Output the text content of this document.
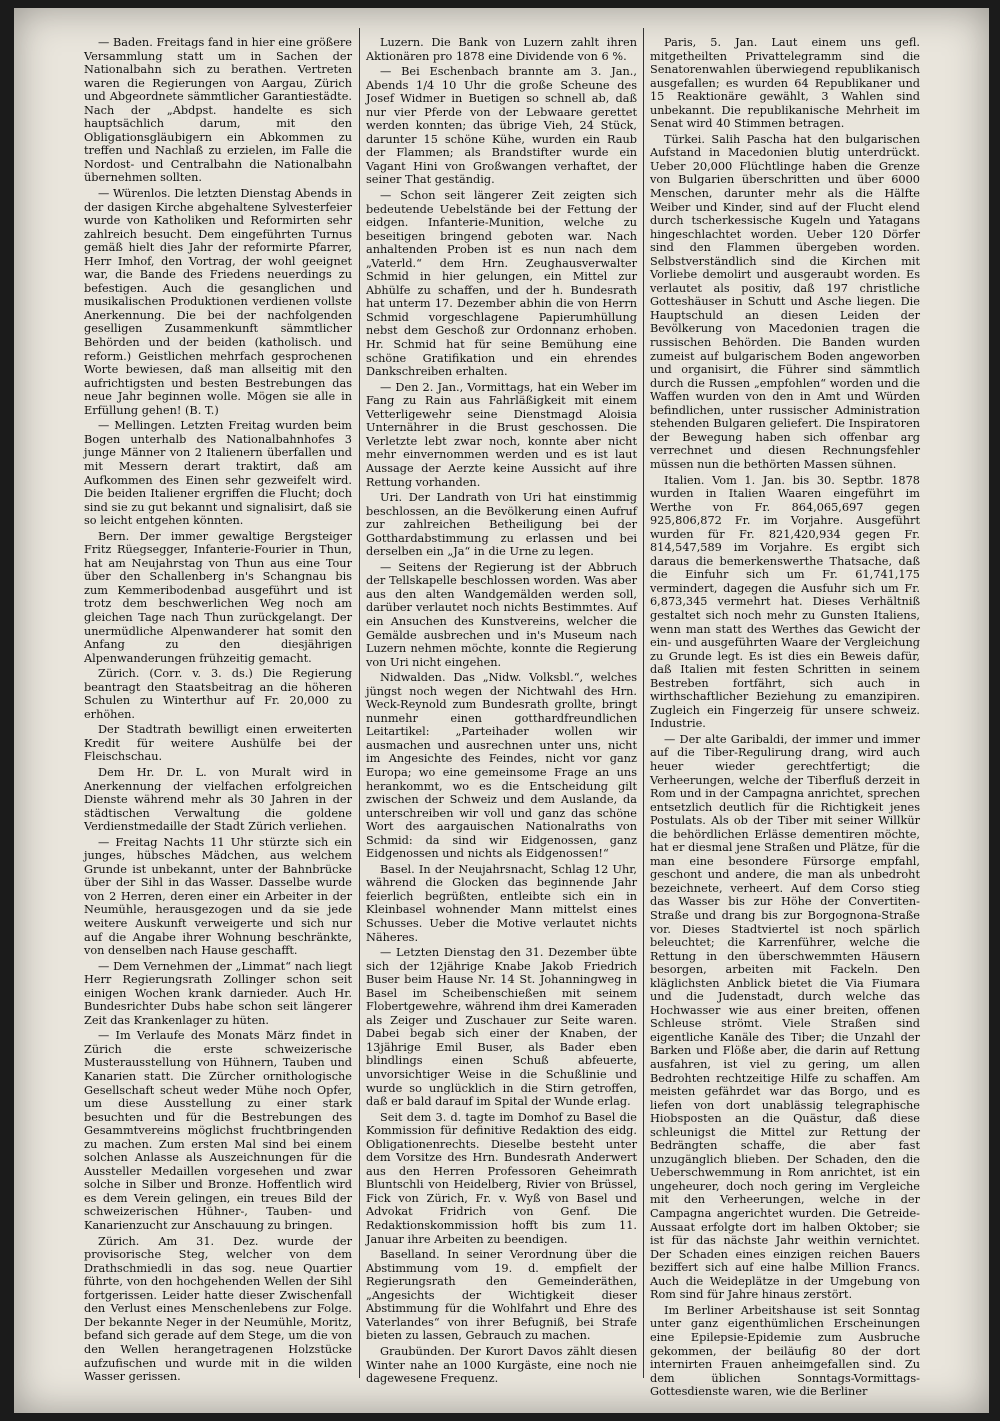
— Baden. Freitags fand in hier eine größere Versammlung statt um in Sachen der Nationalbahn sich zu berathen. Vertreten waren die Regierungen von Aargau, Zürich und Abgeordnete sämmtlicher Garantiestädte. Nach der „Abdpst. handelte es sich hauptsächlich darum, mit den Obligationsgläubigern ein Abkommen zu treffen und Nachlaß zu erzielen, im Falle die Nordost- und Centralbahn die Nationalbahn übernehmen sollten.

— Würenlos. Die letzten Dienstag Abends in der dasigen Kirche abgehaltene Sylvesterfeier wurde von Katholiken und Reformirten sehr zahlreich besucht. Dem eingeführten Turnus gemäß hielt dies Jahr der reformirte Pfarrer, Herr Imhof, den Vortrag, der wohl geeignet war, die Bande des Friedens neuerdings zu befestigen. Auch die gesanglichen und musikalischen Produktionen verdienen vollste Anerkennung. Die bei der nachfolgenden geselligen Zusammenkunft sämmtlicher Behörden und der beiden (katholisch. und reform.) Geistlichen mehrfach gesprochenen Worte bewiesen, daß man allseitig mit den aufrichtigsten und besten Bestrebungen das neue Jahr beginnen wolle. Mögen sie alle in Erfüllung gehen! (B. T.)

— Mellingen. Letzten Freitag wurden beim Bogen unterhalb des Nationalbahnhofes 3 junge Männer von 2 Italienern überfallen und mit Messern derart traktirt, daß am Aufkommen des Einen sehr gezweifelt wird. Die beiden Italiener ergriffen die Flucht; doch sind sie zu gut bekannt und signalisirt, daß sie so leicht entgehen könnten.

Bern. Der immer gewaltige Bergsteiger Fritz Rüegsegger, Infanterie-Fourier in Thun, hat am Neujahrstag von Thun aus eine Tour über den Schallenberg in's Schangnau bis zum Kemmeribodenbad ausgeführt und ist trotz dem beschwerlichen Weg noch am gleichen Tage nach Thun zurückgelangt. Der unermüdliche Alpenwanderer hat somit den Anfang zu den diesjährigen Alpenwanderungen frühzeitig gemacht.

Zürich. (Corr. v. 3. ds.) Die Regierung beantragt den Staatsbeitrag an die höheren Schulen zu Winterthur auf Fr. 20,000 zu erhöhen.

Der Stadtrath bewilligt einen erweiterten Kredit für weitere Aushülfe bei der Fleischschau.

Dem Hr. Dr. L. von Muralt wird in Anerkennung der vielfachen erfolgreichen Dienste während mehr als 30 Jahren in der städtischen Verwaltung die goldene Verdienstmedaille der Stadt Zürich verliehen.

— Freitag Nachts 11 Uhr stürzte sich ein junges, hübsches Mädchen, aus welchem Grunde ist unbekannt, unter der Bahnbrücke über der Sihl in das Wasser. Dasselbe wurde von 2 Herren, deren einer ein Arbeiter in der Neumühle, herausgezogen und da sie jede weitere Auskunft verweigerte und sich nur auf die Angabe ihrer Wohnung beschränkte, von denselben nach Hause geschafft.

— Dem Vernehmen der „Limmat“ nach liegt Herr Regierungsrath Zollinger schon seit einigen Wochen krank darnieder. Auch Hr. Bundesrichter Dubs habe schon seit längerer Zeit das Krankenlager zu hüten.

— Im Verlaufe des Monats März findet in Zürich die erste schweizerische Musterausstellung von Hühnern, Tauben und Kanarien statt. Die Zürcher ornithologische Gesellschaft scheut weder Mühe noch Opfer, um diese Ausstellung zu einer stark besuchten und für die Bestrebungen des Gesammtvereins möglichst fruchtbringenden zu machen. Zum ersten Mal sind bei einem solchen Anlasse als Auszeichnungen für die Aussteller Medaillen vorgesehen und zwar solche in Silber und Bronze. Hoffentlich wird es dem Verein gelingen, ein treues Bild der schweizerischen Hühner-, Tauben- und Kanarienzucht zur Anschauung zu bringen.

Zürich. Am 31. Dez. wurde der provisorische Steg, welcher von dem Drathschmiedli in das sog. neue Quartier führte, von den hochgehenden Wellen der Sihl fortgerissen. Leider hatte dieser Zwischenfall den Verlust eines Menschenlebens zur Folge. Der bekannte Neger in der Neumühle, Moritz, befand sich gerade auf dem Stege, um die von den Wellen herangetragenen Holzstücke aufzufischen und wurde mit in die wilden Wasser gerissen.

Luzern. Die Bank von Luzern zahlt ihren Aktionären pro 1878 eine Dividende von 6 %.

— Bei Eschenbach brannte am 3. Jan., Abends 1/4 10 Uhr die große Scheune des Josef Widmer in Buetigen so schnell ab, daß nur vier Pferde von der Lebwaare gerettet werden konnten; das übrige Vieh, 24 Stück, darunter 15 schöne Kühe, wurden ein Raub der Flammen; als Brandstifter wurde ein Vagant Hini von Großwangen verhaftet, der seiner That geständig.

— Schon seit längerer Zeit zeigten sich bedeutende Uebelstände bei der Fettung der eidgen. Infanterie-Munition, welche zu beseitigen bringend geboten war. Nach anhaltenden Proben ist es nun nach dem „Vaterld.“ dem Hrn. Zeughausverwalter Schmid in hier gelungen, ein Mittel zur Abhülfe zu schaffen, und der h. Bundesrath hat unterm 17. Dezember abhin die von Herrn Schmid vorgeschlagene Papierumhüllung nebst dem Geschoß zur Ordonnanz erhoben. Hr. Schmid hat für seine Bemühung eine schöne Gratifikation und ein ehrendes Dankschreiben erhalten.

— Den 2. Jan., Vormittags, hat ein Weber im Fang zu Rain aus Fahrläßigkeit mit einem Vetterligewehr seine Dienstmagd Aloisia Unternährer in die Brust geschossen. Die Verletzte lebt zwar noch, konnte aber nicht mehr einvernommen werden und es ist laut Aussage der Aerzte keine Aussicht auf ihre Rettung vorhanden.

Uri. Der Landrath von Uri hat einstimmig beschlossen, an die Bevölkerung einen Aufruf zur zahlreichen Betheiligung bei der Gotthardabstimmung zu erlassen und bei derselben ein „Ja“ in die Urne zu legen.

— Seitens der Regierung ist der Abbruch der Tellskapelle beschlossen worden. Was aber aus den alten Wandgemälden werden soll, darüber verlautet noch nichts Bestimmtes. Auf ein Ansuchen des Kunstvereins, welcher die Gemälde ausbrechen und in's Museum nach Luzern nehmen möchte, konnte die Regierung von Uri nicht eingehen.

Nidwalden. Das „Nidw. Volksbl.“, welches jüngst noch wegen der Nichtwahl des Hrn. Weck-Reynold zum Bundesrath grollte, bringt nunmehr einen gotthardfreundlichen Leitartikel: „Parteihader wollen wir ausmachen und ausrechnen unter uns, nicht im Angesichte des Feindes, nicht vor ganz Europa; wo eine gemeinsome Frage an uns herankommt, wo es die Entscheidung gilt zwischen der Schweiz und dem Auslande, da unterschreiben wir voll und ganz das schöne Wort des aargauischen Nationalraths von Schmid: da sind wir Eidgenossen, ganz Eidgenossen und nichts als Eidgenossen!“

Basel. In der Neujahrsnacht, Schlag 12 Uhr, während die Glocken das beginnende Jahr feierlich begrüßten, entleibte sich ein in Kleinbasel wohnender Mann mittelst eines Schusses. Ueber die Motive verlautet nichts Näheres.

— Letzten Dienstag den 31. Dezember übte sich der 12jährige Knabe Jakob Friedrich Buser beim Hause Nr. 14 St. Johanningweg in Basel im Scheibenschießen mit seinem Flobertgewehre, während ihm drei Kameraden als Zeiger und Zuschauer zur Seite waren. Dabei begab sich einer der Knaben, der 13jährige Emil Buser, als Bader eben blindlings einen Schuß abfeuerte, unvorsichtiger Weise in die Schußlinie und wurde so unglücklich in die Stirn getroffen, daß er bald darauf im Spital der Wunde erlag.

Seit dem 3. d. tagte im Domhof zu Basel die Kommission für definitive Redaktion des eidg. Obligationenrechts. Dieselbe besteht unter dem Vorsitze des Hrn. Bundesrath Anderwert aus den Herren Professoren Geheimrath Bluntschli von Heidelberg, Rivier von Brüssel, Fick von Zürich, Fr. v. Wyß von Basel und Advokat Fridrich von Genf. Die Redaktionskommission hofft bis zum 11. Januar ihre Arbeiten zu beendigen.

Baselland. In seiner Verordnung über die Abstimmung vom 19. d. empfielt der Regierungsrath den Gemeinderäthen, „Angesichts der Wichtigkeit dieser Abstimmung für die Wohlfahrt und Ehre des Vaterlandes“ von ihrer Befugniß, bei Strafe bieten zu lassen, Gebrauch zu machen.

Graubünden. Der Kurort Davos zählt diesen Winter nahe an 1000 Kurgäste, eine noch nie dagewesene Frequenz.

Paris, 5. Jan. Laut einem uns gefl. mitgetheilten Privattelegramm sind die Senatorenwahlen überwiegend republikanisch ausgefallen; es wurden 64 Republikaner und 15 Reaktionäre gewählt, 3 Wahlen sind unbekannt. Die republikanische Mehrheit im Senat wird 40 Stimmen betragen.

Türkei. Salih Pascha hat den bulgarischen Aufstand in Macedonien blutig unterdrückt. Ueber 20,000 Flüchtlinge haben die Grenze von Bulgarien überschritten und über 6000 Menschen, darunter mehr als die Hälfte Weiber und Kinder, sind auf der Flucht elend durch tscherkessische Kugeln und Yatagans hingeschlachtet worden. Ueber 120 Dörfer sind den Flammen übergeben worden. Selbstverständlich sind die Kirchen mit Vorliebe demolirt und ausgeraubt worden. Es verlautet als positiv, daß 197 christliche Gotteshäuser in Schutt und Asche liegen. Die Hauptschuld an diesen Leiden der Bevölkerung von Macedonien tragen die russischen Behörden. Die Banden wurden zumeist auf bulgarischem Boden angeworben und organisirt, die Führer sind sämmtlich durch die Russen „empfohlen“ worden und die Waffen wurden von den in Amt und Würden befindlichen, unter russischer Administration stehenden Bulgaren geliefert. Die Inspiratoren der Bewegung haben sich offenbar arg verrechnet und diesen Rechnungsfehler müssen nun die bethörten Massen sühnen.

Italien. Vom 1. Jan. bis 30. Septbr. 1878 wurden in Italien Waaren eingeführt im Werthe von Fr. 864,065,697 gegen 925,806,872 Fr. im Vorjahre. Ausgeführt wurden für Fr. 821,420,934 gegen Fr. 814,547,589 im Vorjahre. Es ergibt sich daraus die bemerkenswerthe Thatsache, daß die Einfuhr sich um Fr. 61,741,175 vermindert, dagegen die Ausfuhr sich um Fr. 6,873,345 vermehrt hat. Dieses Verhältniß gestaltet sich noch mehr zu Gunsten Italiens, wenn man statt des Werthes das Gewicht der ein- und ausgeführten Waare der Vergleichung zu Grunde legt. Es ist dies ein Beweis dafür, daß Italien mit festen Schritten in seinem Bestreben fortfährt, sich auch in wirthschaftlicher Beziehung zu emanzipiren. Zugleich ein Fingerzeig für unsere schweiz. Industrie.

— Der alte Garibaldi, der immer und immer auf die Tiber-Regulirung drang, wird auch heuer wieder gerechtfertigt; die Verheerungen, welche der Tiberfluß derzeit in Rom und in der Campagna anrichtet, sprechen entsetzlich deutlich für die Richtigkeit jenes Postulats. Als ob der Tiber mit seiner Willkür die behördlichen Erlässe dementiren möchte, hat er diesmal jene Straßen und Plätze, für die man eine besondere Fürsorge empfahl, geschont und andere, die man als unbedroht bezeichnete, verheert. Auf dem Corso stieg das Wasser bis zur Höhe der Convertiten-Straße und drang bis zur Borgognona-Straße vor. Dieses Stadtviertel ist noch spärlich beleuchtet; die Karrenführer, welche die Rettung in den überschwemmten Häusern besorgen, arbeiten mit Fackeln. Den kläglichsten Anblick bietet die Via Fiumara und die Judenstadt, durch welche das Hochwasser wie aus einer breiten, offenen Schleuse strömt. Viele Straßen sind eigentliche Kanäle des Tiber; die Unzahl der Barken und Flöße aber, die darin auf Rettung ausfahren, ist viel zu gering, um allen Bedrohten rechtzeitige Hilfe zu schaffen. Am meisten gefährdet war das Borgo, und es liefen von dort unablässig telegraphische Hiobsposten an die Quästur, daß diese schleunigst die Mittel zur Rettung der Bedrängten schaffe, die aber fast unzugänglich blieben. Der Schaden, den die Ueberschwemmung in Rom anrichtet, ist ein ungeheurer, doch noch gering im Vergleiche mit den Verheerungen, welche in der Campagna angerichtet wurden. Die Getreide-Aussaat erfolgte dort im halben Oktober; sie ist für das nächste Jahr weithin vernichtet. Der Schaden eines einzigen reichen Bauers beziffert sich auf eine halbe Million Francs. Auch die Weideplätze in der Umgebung von Rom sind für Jahre hinaus zerstört.

Im Berliner Arbeitshause ist seit Sonntag unter ganz eigenthümlichen Erscheinungen eine Epilepsie-Epidemie zum Ausbruche gekommen, der beiläufig 80 der dort internirten Frauen anheimgefallen sind. Zu dem üblichen Sonntags-Vormittags-Gottesdienste waren, wie die Berliner
